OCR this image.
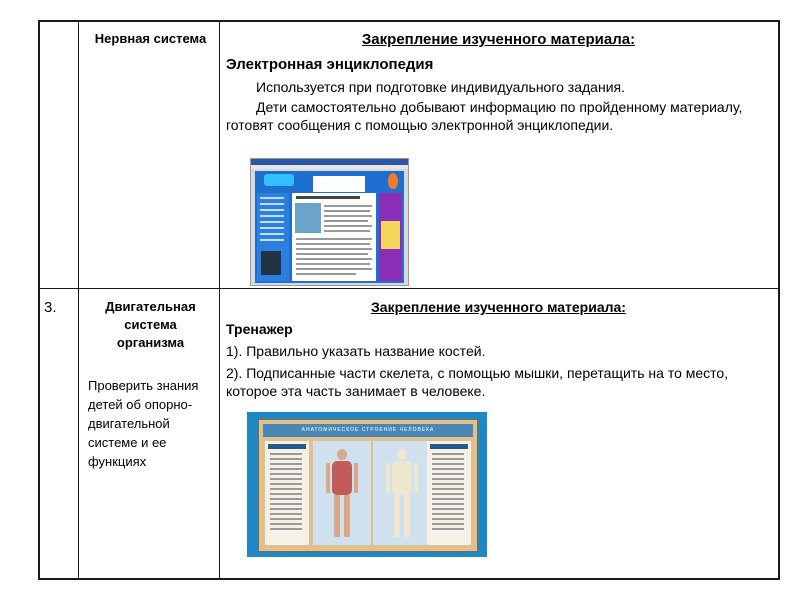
Нервная система	Закрепление изученного материала:
Электронная энциклопедия
Используется при подготовке индивидуального задания.
Дети самостоятельно добывают информацию по пройденному материалу, готовят сообщения с помощью электронной энциклопедии.
3.	Двигательная система организма
Проверить знания детей об опорно-двигательной системе и ее функциях
Закрепление изученного материала:
Тренажер
1). Правильно указать название костей.
2). Подписанные части скелета, с помощью мышки, перетащить на то место, которое эта часть занимает в человеке.
АНАТОМИЧЕСКОЕ СТРОЕНИЕ ЧЕЛОВЕКА
